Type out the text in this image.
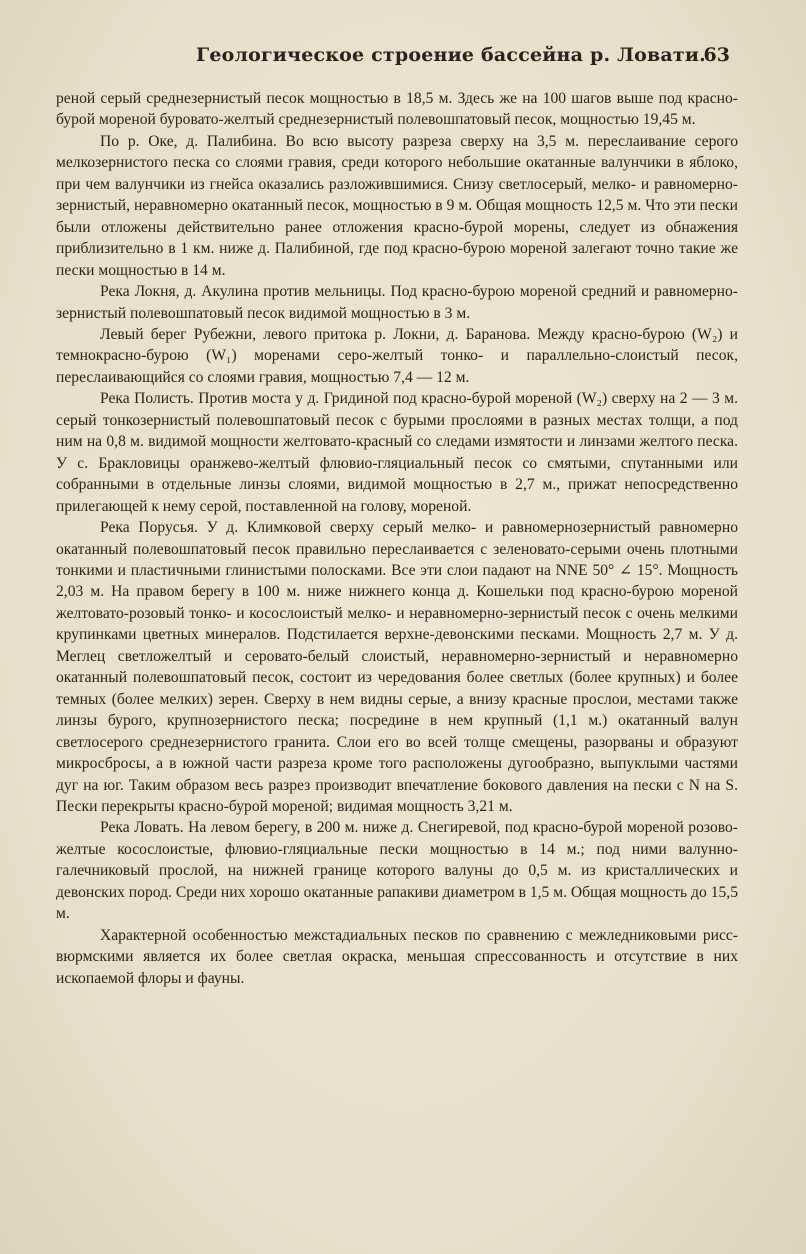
Геологическое строение бассейна р. Ловати.
63

реной серый среднезернистый песок мощностью в 18,5 м. Здесь же на 100 шагов выше под красно-бурой мореной буровато-желтый среднезернистый полевошпатовый песок, мощностью 19,45 м.

По р. Оке, д. Палибина. Во всю высоту разреза сверху на 3,5 м. переслаивание серого мелкозернистого песка со слоями гравия, среди которого небольшие окатанные валунчики в яблоко, при чем валунчики из гнейса оказались разложившимися. Снизу светлосерый, мелко- и равномерно-зернистый, неравномерно окатанный песок, мощностью в 9 м. Общая мощность 12,5 м. Что эти пески были отложены действительно ранее отложения красно-бурой морены, следует из обнажения приблизительно в 1 км. ниже д. Палибиной, где под красно-бурою мореной залегают точно такие же пески мощностью в 14 м.

Река Локня, д. Акулина против мельницы. Под красно-бурою мореной средний и равномерно-зернистый полевошпатовый песок видимой мощностью в 3 м.

Левый берег Рубежни, левого притока р. Локни, д. Баранова. Между красно-бурою (W₂) и темнокрасно-бурою (W₁) моренами серо-желтый тонко- и параллельно-слоистый песок, переслаивающийся со слоями гравия, мощностью 7,4 — 12 м.

Река Полисть. Против моста у д. Гридиной под красно-бурой мореной (W₂) сверху на 2 — 3 м. серый тонкозернистый полевошпатовый песок с бурыми прослоями в разных местах толщи, а под ним на 0,8 м. видимой мощности желтовато-красный со следами измятости и линзами желтого песка. У с. Бракловицы оранжево-желтый флювио-гляциальный песок со смятыми, спутанными или собранными в отдельные линзы слоями, видимой мощностью в 2,7 м., прижат непосредственно прилегающей к нему серой, поставленной на голову, мореной.

Река Порусья. У д. Климковой сверху серый мелко- и равномернозернистый равномерно окатанный полевошпатовый песок правильно переслаивается с зеленовато-серыми очень плотными тонкими и пластичными глинистыми полосками. Все эти слои падают на NNE 50° ∠ 15°. Мощность 2,03 м. На правом берегу в 100 м. ниже нижнего конца д. Кошельки под красно-бурою мореной желтовато-розовый тонко- и косослоистый мелко- и неравномерно-зернистый песок с очень мелкими крупинками цветных минералов. Подстилается верхне-девонскими песками. Мощность 2,7 м. У д. Меглец светложелтый и серовато-белый слоистый, неравномерно-зернистый и неравномерно окатанный полевошпатовый песок, состоит из чередования более светлых (более крупных) и более темных (более мелких) зерен. Сверху в нем видны серые, а внизу красные прослои, местами также линзы бурого, крупнозернистого песка; посредине в нем крупный (1,1 м.) окатанный валун светлосерого среднезернистого гранита. Слои его во всей толще смещены, разорваны и образуют микросбросы, а в южной части разреза кроме того расположены дугообразно, выпуклыми частями дуг на юг. Таким образом весь разрез производит впечатление бокового давления на пески с N на S. Пески перекрыты красно-бурой мореной; видимая мощность 3,21 м.

Река Ловать. На левом берегу, в 200 м. ниже д. Снегиревой, под красно-бурой мореной розово-желтые косослоистые, флювио-гляциальные пески мощностью в 14 м.; под ними валунно-галечниковый прослой, на нижней границе которого валуны до 0,5 м. из кристаллических и девонских пород. Среди них хорошо окатанные рапакиви диаметром в 1,5 м. Общая мощность до 15,5 м.

Характерной особенностью межстадиальных песков по сравнению с межледниковыми рисс-вюрмскими является их более светлая окраска, меньшая спрессованность и отсутствие в них ископаемой флоры и фауны.
